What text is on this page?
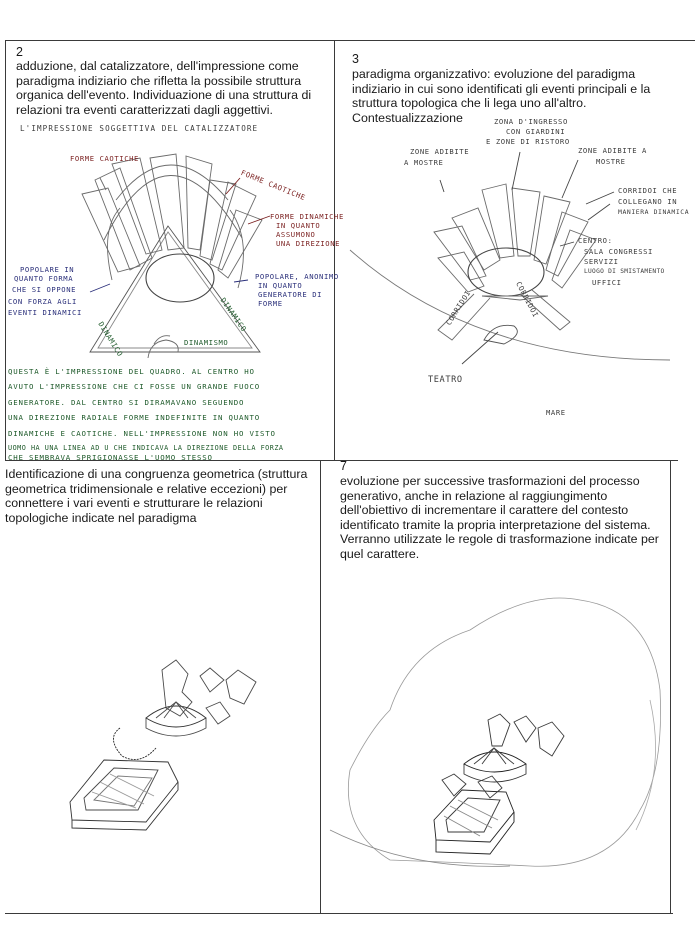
2

adduzione, dal catalizzatore, dell'impressione come paradigma indiziario che rifletta la possibile struttura organica dell'evento. Individuazione di una struttura di relazioni tra eventi caratterizzati dagli aggettivi.

L'IMPRESSIONE SOGGETTIVA DEL CATALIZZATORE
FORME CAOTICHE
FORME CAOTICHE
FORME DINAMICHE
IN QUANTO
ASSUMONO
UNA DIREZIONE
POPOLARE IN
QUANTO FORMA
CHE SI OPPONE
CON FORZA AGLI
EVENTI DINAMICI
POPOLARE, ANONIMO
IN QUANTO
GENERATORE DI
FORME
DINAMICO
DINAMICO
DINAMISMO
QUESTA È L'IMPRESSIONE DEL QUADRO. AL CENTRO HO
AVUTO L'IMPRESSIONE CHE CI FOSSE UN GRANDE FUOCO
GENERATORE. DAL CENTRO SI DIRAMAVANO SEGUENDO
UNA DIREZIONE RADIALE FORME INDEFINITE IN QUANTO
DINAMICHE E CAOTICHE. NELL'IMPRESSIONE NON HO VISTO
UOMO HA UNA LINEA AD U CHE INDICAVA LA DIREZIONE DELLA FORZA
CHE SEMBRAVA SPRIGIONASSE L'UOMO STESSO
3

paradigma organizzativo: evoluzione del paradigma indiziario in cui sono identificati gli eventi principali e la struttura topologica che li lega uno all'altro. Contestualizzazione	ZONA D'INGRESSO
CON GIARDINI
E ZONE DI RISTORO
ZONE ADIBITE
A MOSTRE
ZONE ADIBITE A
MOSTRE
CORRIDOI CHE
COLLEGANO IN
MANIERA DINAMICA
CENTRO:
SALA CONGRESSI
SERVIZI
LUOGO DI SMISTAMENTO
UFFICI
CORRIDOI	CORRIDOI
TEATRO
MARE

Identificazione di una congruenza geometrica (struttura geometrica tridimensionale e relative eccezioni) per connettere i vari eventi e strutturare le relazioni topologiche indicate nel paradigma

7

evoluzione per successive trasformazioni del processo generativo, anche in relazione al raggiungimento dell'obiettivo di incrementare il carattere del contesto identificato tramite la propria interpretazione del sistema. Verranno utilizzate le regole di trasformazione indicate per quel carattere.
